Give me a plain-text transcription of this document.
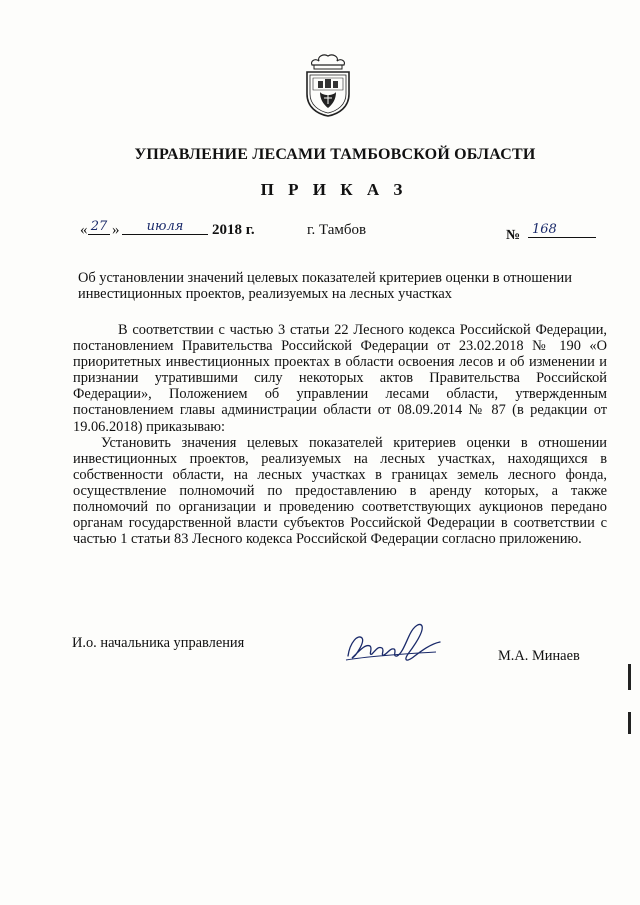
УПРАВЛЕНИЕ ЛЕСАМИ ТАМБОВСКОЙ ОБЛАСТИ
П Р И К А З
« 27 »	июля	2018 г.	г. Тамбов	№ 168
Об установлении значений целевых показателей критериев оценки в отношении инвестиционных проектов, реализуемых на лесных участках

В соответствии с частью 3 статьи 22 Лесного кодекса Российской Федерации, постановлением Правительства Российской Федерации от 23.02.2018 № 190 «О приоритетных инвестиционных проектах в области освоения лесов и об изменении и признании утратившими силу некоторых актов Правительства Российской Федерации», Положением об управлении лесами области, утвержденным постановлением главы администрации области от 08.09.2014 № 87 (в редакции от 19.06.2018) приказываю:

Установить значения целевых показателей критериев оценки в отношении инвестиционных проектов, реализуемых на лесных участках, находящихся в собственности области, на лесных участках в границах земель лесного фонда, осуществление полномочий по предоставлению в аренду которых, а также полномочий по организации и проведению соответствующих аукционов передано органам государственной власти субъектов Российской Федерации в соответствии с частью 1 статьи 83 Лесного кодекса Российской Федерации согласно приложению.

И.о. начальника управления
М.А. Минаев
